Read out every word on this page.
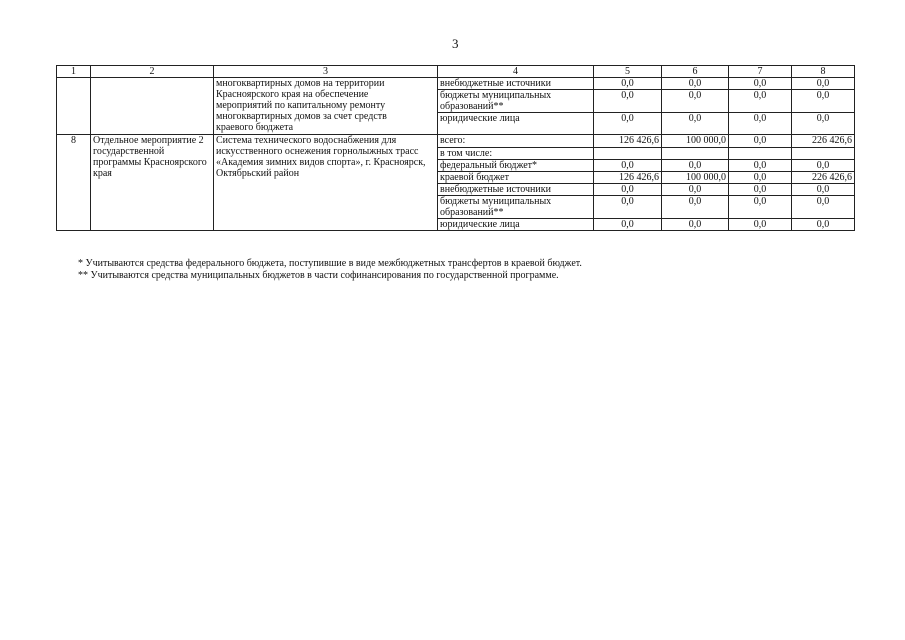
3
1	2	3	4	5	6	7	8

		многоквартирных домов на территории
Красноярского края на обеспечение
мероприятий по капитальному ремонту
многоквартирных домов за счет средств
краевого бюджета	внебюджетные источники	0,0	0,0	0,0	0,0
			бюджеты муниципальных образований**	0,0	0,0	0,0	0,0
			юридические лица	0,0	0,0	0,0	0,0
8	Отдельное мероприятие 2 государственной программы Красноярского края	Система технического водоснабжения для искусственного оснежения горнолыжных трасс «Академия зимних видов спорта», г. Красноярск, Октябрьский район	всего:	126 426,6	100 000,0	0,0	226 426,6
			в том числе:				
			федеральный бюджет*	0,0	0,0	0,0	0,0
			краевой бюджет	126 426,6	100 000,0	0,0	226 426,6
			внебюджетные источники	0,0	0,0	0,0	0,0
			бюджеты муниципальных образований**	0,0	0,0	0,0	0,0
			юридические лица	0,0	0,0	0,0	0,0
* Учитываются средства федерального бюджета, поступившие в виде межбюджетных трансфертов в краевой бюджет.
** Учитываются средства муниципальных бюджетов в части софинансирования по государственной программе.
